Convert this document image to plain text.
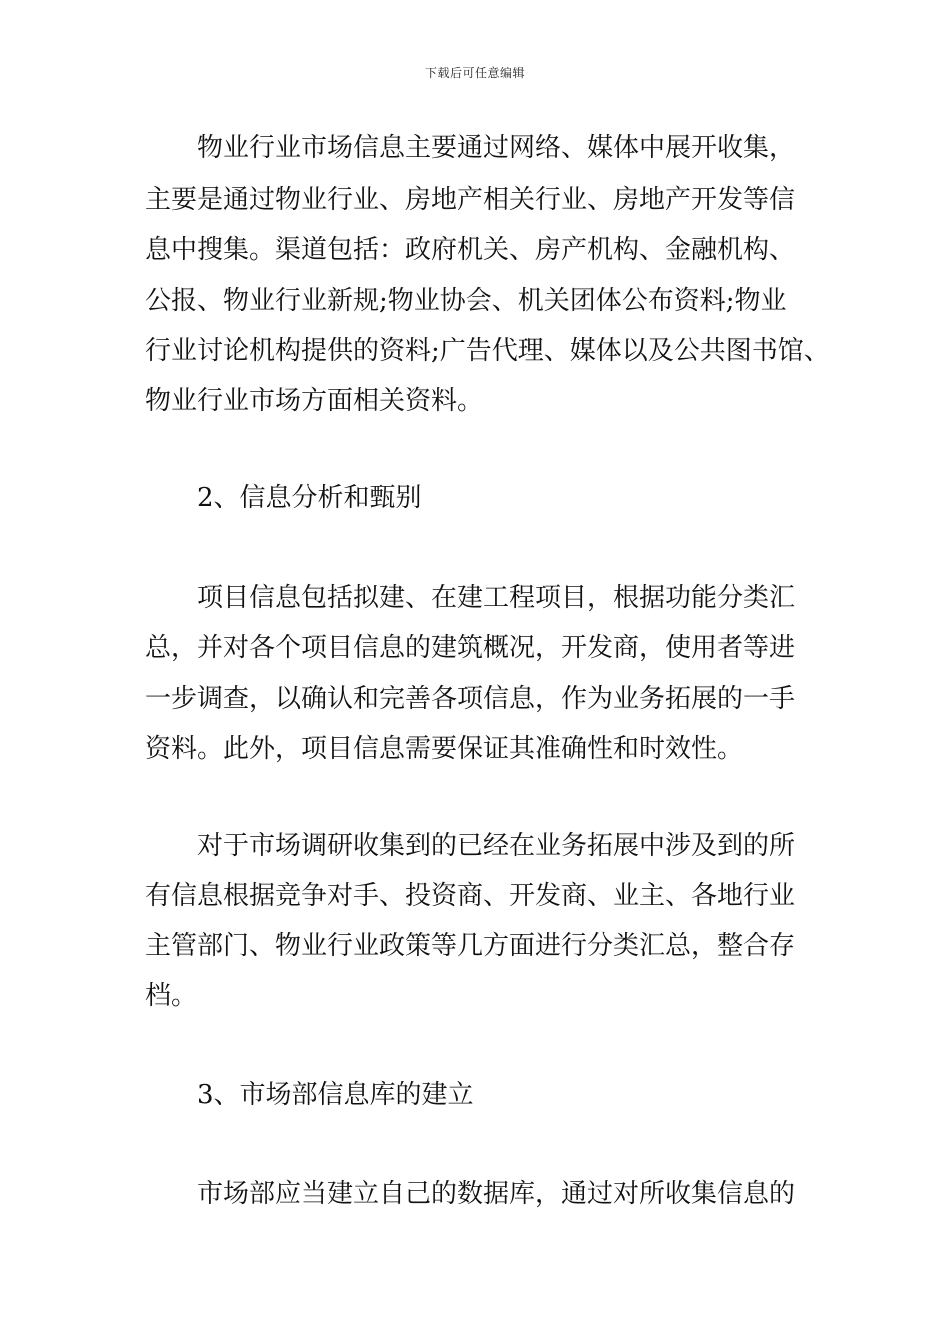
下载后可任意编辑
物业行业市场信息主要通过网络、媒体中展开收集，
主要是通过物业行业、房地产相关行业、房地产开发等信
息中搜集。渠道包括：政府机关、房产机构、金融机构、
公报、物业行业新规;物业协会、机关团体公布资料;物业
行业讨论机构提供的资料;广告代理、媒体以及公共图书馆、
物业行业市场方面相关资料。
2、信息分析和甄别
项目信息包括拟建、在建工程项目，根据功能分类汇
总，并对各个项目信息的建筑概况，开发商，使用者等进
一步调查，以确认和完善各项信息，作为业务拓展的一手
资料。此外，项目信息需要保证其准确性和时效性。
对于市场调研收集到的已经在业务拓展中涉及到的所
有信息根据竞争对手、投资商、开发商、业主、各地行业
主管部门、物业行业政策等几方面进行分类汇总，整合存
档。
3、市场部信息库的建立
市场部应当建立自己的数据库，通过对所收集信息的
